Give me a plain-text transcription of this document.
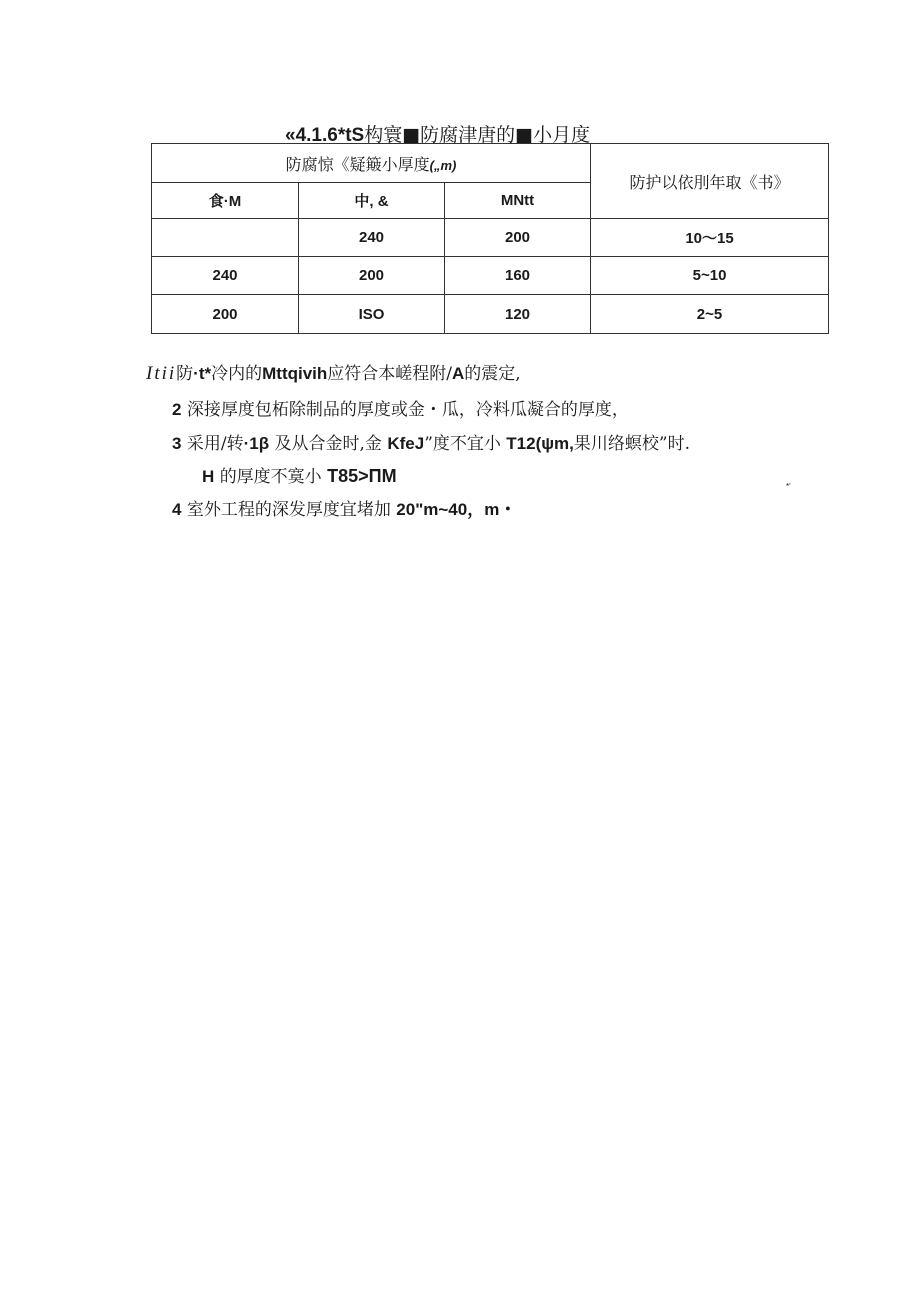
«4.1.6*tS构寰■防腐津唐的■小月度
防腐惊《疑簸小厚度(„m)			防护以依刖年取《书》
食·M	中, &	MNtt	
	240	200	10〜15
240	200	160	5~10
200	ISO	120	2~5
Itii防·t*冷内的Mttqivih应符合本嵯程附/A的震定,
2 深接厚度包柘除制品的厚度或金・瓜，冷料瓜凝合的厚度，
3 采用/转·1β 及从合金时,金 KfeJ”度不宜小 T12(ψm,果川络螟校”时.
H 的厚度不寞小 T85>ΠM
*'
4 室外工程的深发厚度宜堵加 20"m~40，m・
